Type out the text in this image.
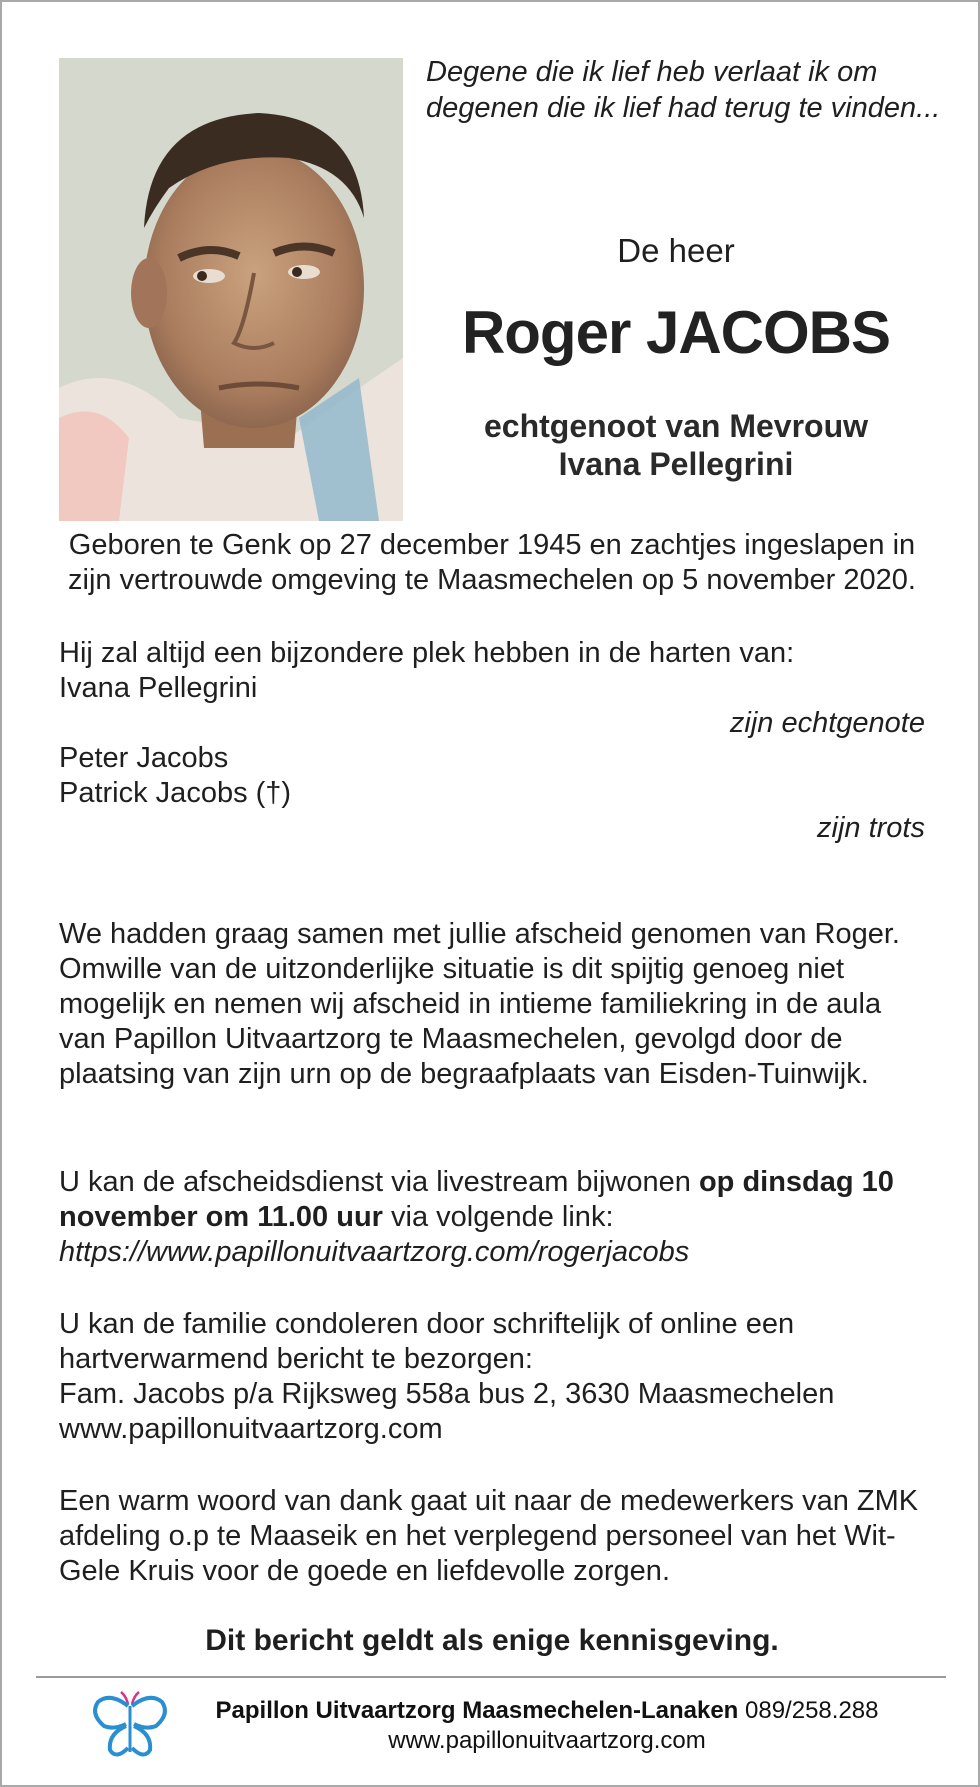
Degene die ik lief heb verlaat ik om degenen die ik lief had terug te vinden...
De heer
Roger JACOBS
echtgenoot van Mevrouw
Ivana Pellegrini
Geboren te Genk op 27 december 1945 en zachtjes ingeslapen in zijn vertrouwde omgeving te Maasmechelen op 5 november 2020.
Hij zal altijd een bijzondere plek hebben in de harten van:
Ivana Pellegrini
zijn echtgenote
Peter Jacobs
Patrick Jacobs (†)
zijn trots
We hadden graag samen met jullie afscheid genomen van Roger. Omwille van de uitzonderlijke situatie is dit spijtig genoeg niet mogelijk en nemen wij afscheid in intieme familiekring in de aula van Papillon Uitvaartzorg te Maasmechelen, gevolgd door de plaatsing van zijn urn op de begraafplaats van Eisden-Tuinwijk.
U kan de afscheidsdienst via livestream bijwonen op dinsdag 10 november om 11.00 uur via volgende link:
https://www.papillonuitvaartzorg.com/rogerjacobs
U kan de familie condoleren door schriftelijk of online een hartverwarmend bericht te bezorgen:
Fam. Jacobs p/a Rijksweg 558a bus 2, 3630 Maasmechelen
www.papillonuitvaartzorg.com
Een warm woord van dank gaat uit naar de medewerkers van ZMK afdeling o.p te Maaseik en het verplegend personeel van het Wit-Gele Kruis voor de goede en liefdevolle zorgen.
Dit bericht geldt als enige kennisgeving.
Papillon Uitvaartzorg Maasmechelen-Lanaken 089/258.288
www.papillonuitvaartzorg.com
